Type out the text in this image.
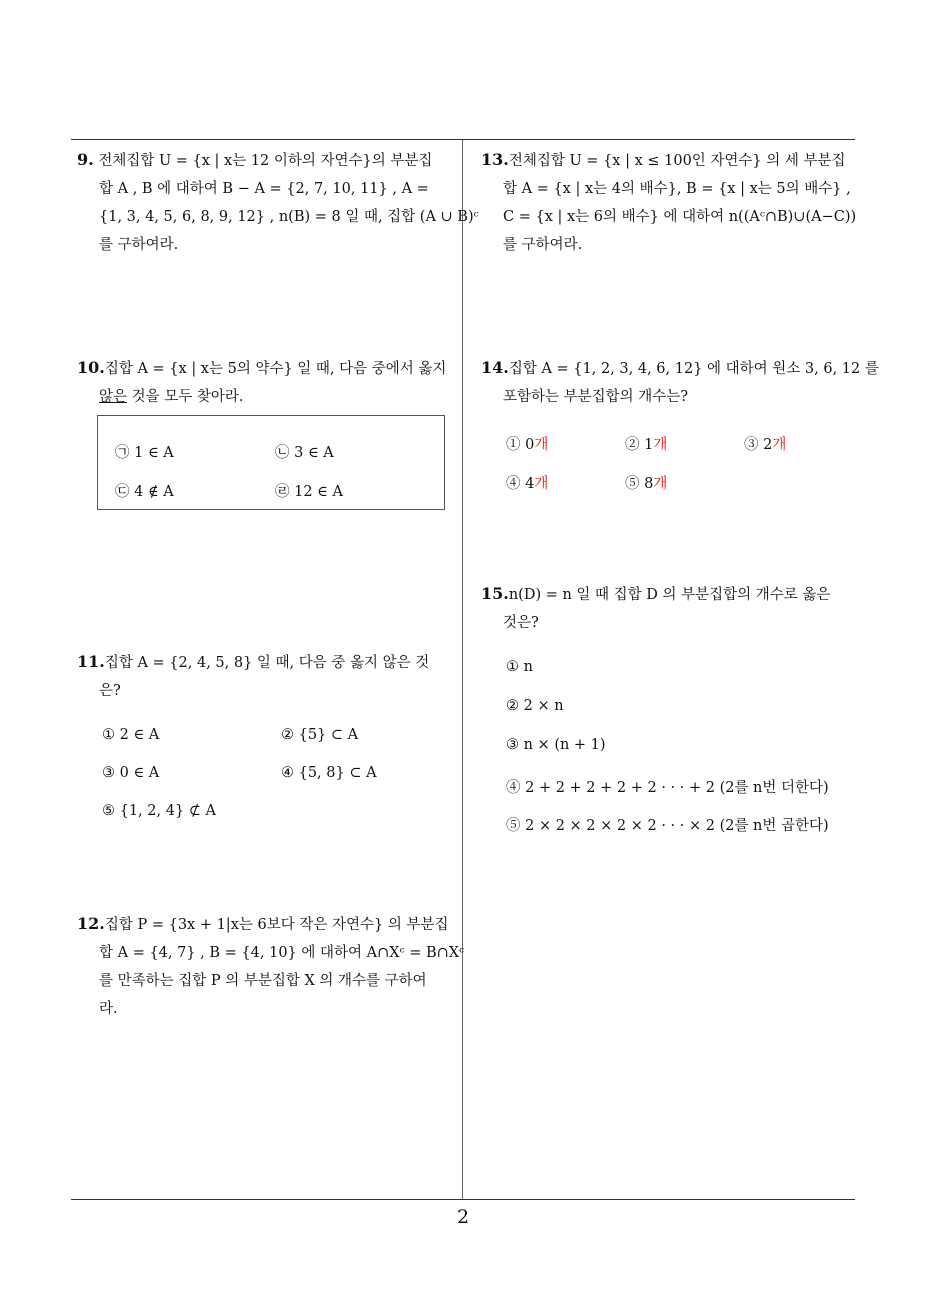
9. 전체집합 U = {x | x는 12 이하의 자연수}의 부분집
합 A , B 에 대하여 B − A = {2, 7, 10, 11} , A =
{1, 3, 4, 5, 6, 8, 9, 12} , n(B) = 8 일 때, 집합 (A ∪ B)ᶜ
를 구하여라.
10.집합 A = {x | x는 5의 약수} 일 때, 다음 중에서 옳지
않은 것을 모두 찾아라.
㉠ 1 ∈ A	㉡ 3 ∈ A
㉢ 4 ∉ A	㉣ 12 ∈ A
11.집합 A = {2, 4, 5, 8} 일 때, 다음 중 옳지 않은 것
은?
① 2 ∈ A	② {5} ⊂ A
③ 0 ∈ A	④ {5, 8} ⊂ A
⑤ {1, 2, 4} ⊄ A
12.집합 P = {3x + 1|x는 6보다 작은 자연수} 의 부분집
합 A = {4, 7} , B = {4, 10} 에 대하여 A∩Xᶜ = B∩Xᶜ
를 만족하는 집합 P 의 부분집합 X 의 개수를 구하여
라.
13.전체집합 U = {x | x ≤ 100인 자연수} 의 세 부분집
합 A = {x | x는 4의 배수}, B = {x | x는 5의 배수} ,
C = {x | x는 6의 배수} 에 대하여 n((Aᶜ∩B)∪(A−C))
를 구하여라.
14.집합 A = {1, 2, 3, 4, 6, 12} 에 대하여 원소 3, 6, 12 를
포함하는 부분집합의 개수는?
① 0개	② 1개	③ 2개
④ 4개	⑤ 8개
15.n(D) = n 일 때 집합 D 의 부분집합의 개수로 옳은
것은?
① n
② 2 × n
③ n × (n + 1)
④ 2 + 2 + 2 + 2 + 2 · · · + 2 (2를 n번 더한다)
⑤ 2 × 2 × 2 × 2 × 2 · · · × 2 (2를 n번 곱한다)
2
